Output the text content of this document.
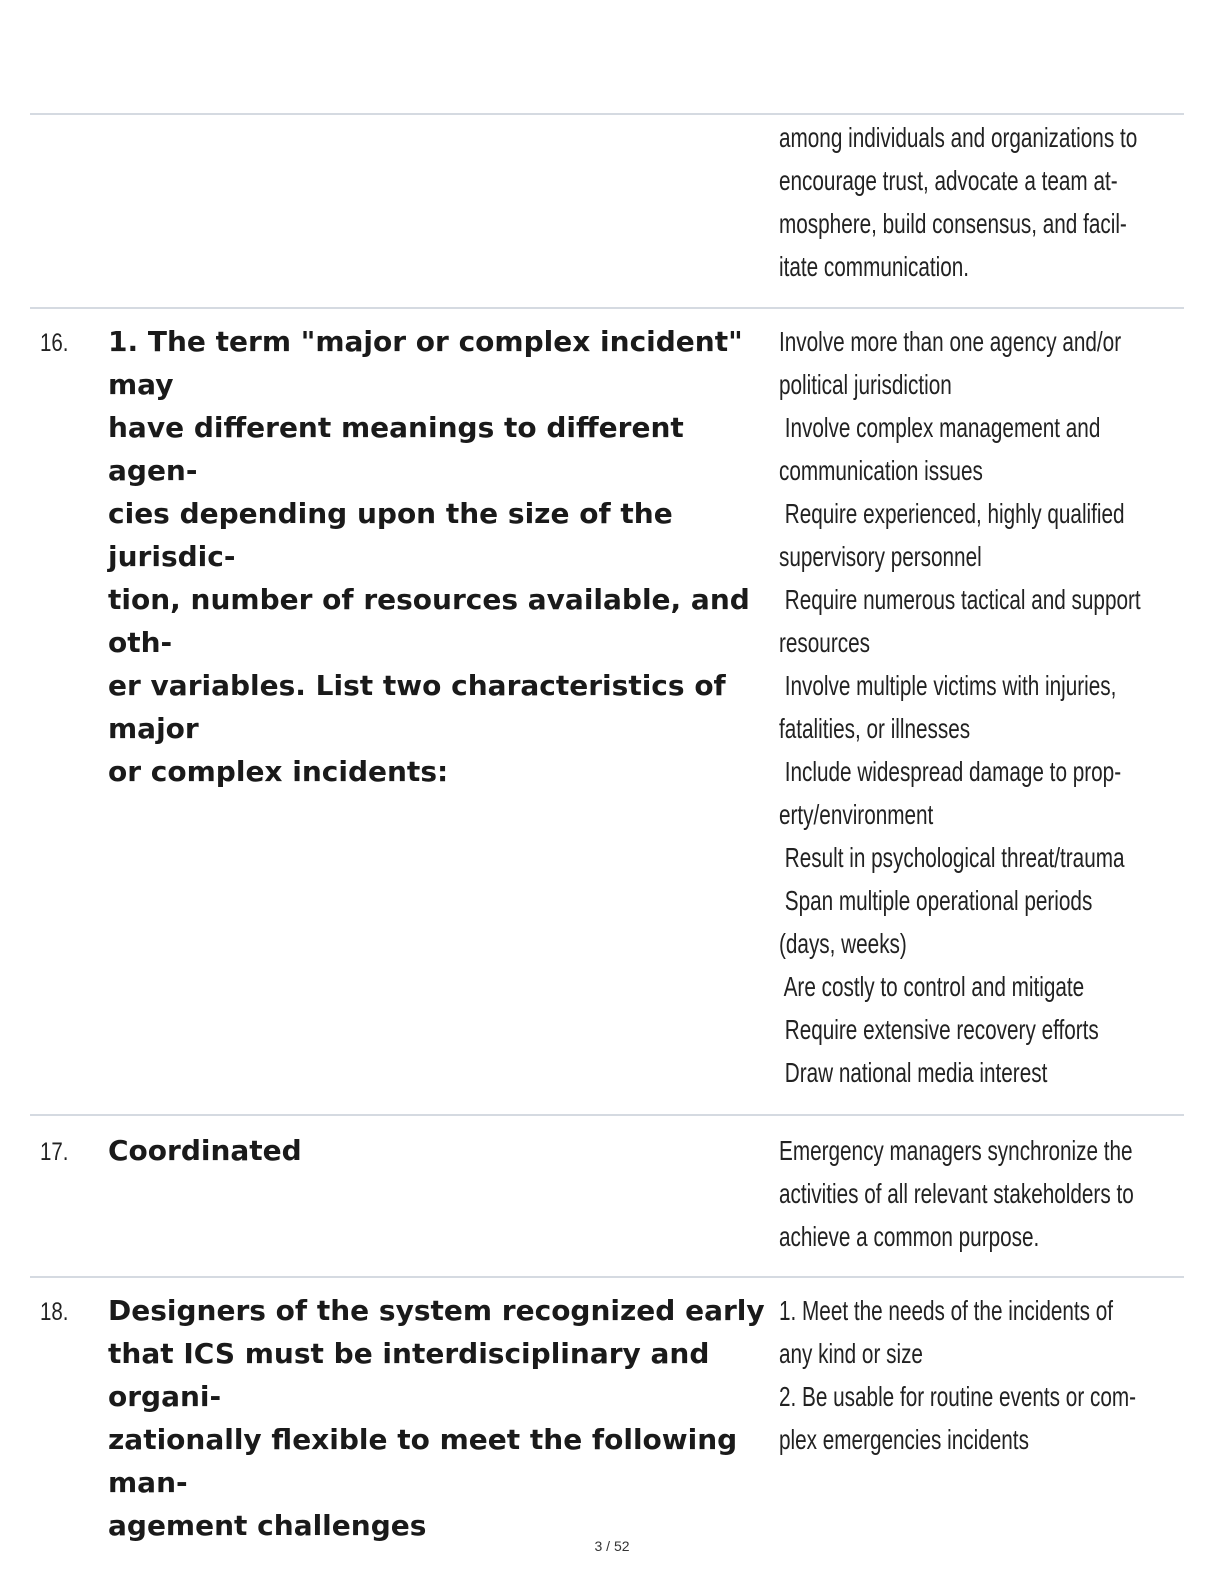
among individuals and organizations to
encourage trust, advocate a team at-
mosphere, build consensus, and facil-
itate communication.
16. 1. The term "major or complex incident" may
have different meanings to different agen-
cies depending upon the size of the jurisdic-
tion, number of resources available, and oth-
er variables. List two characteristics of major
or complex incidents:
Involve more than one agency and/or
political jurisdiction
Involve complex management and
communication issues
Require experienced, highly qualified
supervisory personnel
Require numerous tactical and support
resources
Involve multiple victims with injuries,
fatalities, or illnesses
Include widespread damage to prop-
erty/environment
Result in psychological threat/trauma
Span multiple operational periods
(days, weeks)
Are costly to control and mitigate
Require extensive recovery efforts
Draw national media interest
17. Coordinated	Emergency managers synchronize the
activities of all relevant stakeholders to
achieve a common purpose.
18. Designers of the system recognized early
that ICS must be interdisciplinary and organi-
zationally flexible to meet the following man-
agement challenges
1. Meet the needs of the incidents of
any kind or size
2. Be usable for routine events or com-
plex emergencies incidents
3 / 52
